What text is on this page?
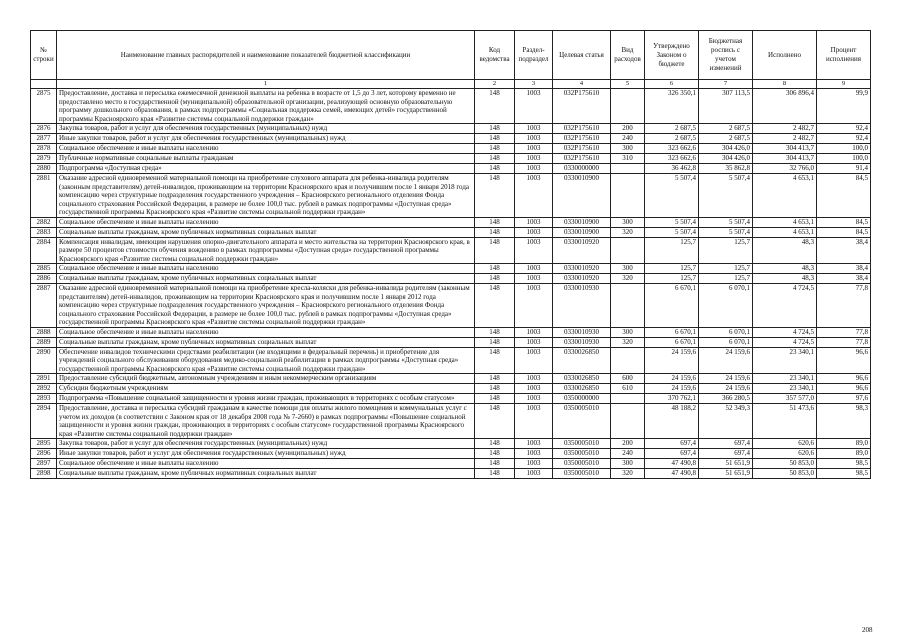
№ строки	Наименование главных распорядителей и наименование показателей бюджетной классификации	Код ведомства	Раздел-подраздел	Целевая статья	Вид расходов	Утверждено Законом о бюджете	Бюджетная роспись с учетом изменений	Исполнено	Процент исполнения
	1	2	3	4	5	6	7	8	9
2875	Предоставление, доставка и пересылка ежемесячной денежной выплаты на ребенка в возрасте от 1,5 до 3 лет, которому временно не предоставлено место в государственной (муниципальной) образовательной организации, реализующей основную образовательную программу дошкольного образования, в рамках подпрограммы «Социальная поддержка семей, имеющих детей» государственной программы Красноярского края «Развитие системы социальной поддержки граждан»	148	1003	032Р175610		326 350,1	307 113,5	306 896,4	99,9
2876	Закупка товаров, работ и услуг для обеспечения государственных (муниципальных) нужд	148	1003	032Р175610	200	2 687,5	2 687,5	2 482,7	92,4
2877	Иные закупки товаров, работ и услуг для обеспечения государственных (муниципальных) нужд	148	1003	032Р175610	240	2 687,5	2 687,5	2 482,7	92,4
2878	Социальное обеспечение и иные выплаты населению	148	1003	032Р175610	300	323 662,6	304 426,0	304 413,7	100,0
2879	Публичные нормативные социальные выплаты гражданам	148	1003	032Р175610	310	323 662,6	304 426,0	304 413,7	100,0
2880	Подпрограмма «Доступная среда»	148	1003	0330000000		36 462,8	35 862,8	32 766,0	91,4
2881	Оказание адресной единовременной материальной помощи на приобретение слухового аппарата для ребенка-инвалида родителям (законным представителям) детей-инвалидов, проживающим на территории Красноярского края и получившим после 1 января 2018 года компенсацию через структурные подразделения государственного учреждения – Красноярского регионального отделения Фонда социального страхования Российской Федерации, в размере не более 100,0 тыс. рублей в рамках подпрограммы «Доступная среда» государственной программы Красноярского края «Развитие системы социальной поддержки граждан»	148	1003	0330010900		5 507,4	5 507,4	4 653,1	84,5
2882	Социальное обеспечение и иные выплаты населению	148	1003	0330010900	300	5 507,4	5 507,4	4 653,1	84,5
2883	Социальные выплаты гражданам, кроме публичных нормативных социальных выплат	148	1003	0330010900	320	5 507,4	5 507,4	4 653,1	84,5
2884	Компенсация инвалидам, имеющим нарушения опорно-двигательного аппарата и место жительства на территории Красноярского края, в размере 50 процентов стоимости обучения вождению в рамках подпрограммы «Доступная среда» государственной программы Красноярского края «Развитие системы социальной поддержки граждан»	148	1003	0330010920		125,7	125,7	48,3	38,4
2885	Социальное обеспечение и иные выплаты населению	148	1003	0330010920	300	125,7	125,7	48,3	38,4
2886	Социальные выплаты гражданам, кроме публичных нормативных социальных выплат	148	1003	0330010920	320	125,7	125,7	48,3	38,4
2887	Оказание адресной единовременной материальной помощи на приобретение кресла-коляски для ребенка-инвалида родителям (законным представителям) детей-инвалидов, проживающим на территории Красноярского края и получившим после 1 января 2012 года компенсацию через структурные подразделения государственного учреждения – Красноярского регионального отделения Фонда социального страхования Российской Федерации, в размере не более 100,0 тыс. рублей в рамках подпрограммы «Доступная среда» государственной программы Красноярского края «Развитие системы социальной поддержки граждан»	148	1003	0330010930		6 670,1	6 070,1	4 724,5	77,8
2888	Социальное обеспечение и иные выплаты населению	148	1003	0330010930	300	6 670,1	6 070,1	4 724,5	77,8
2889	Социальные выплаты гражданам, кроме публичных нормативных социальных выплат	148	1003	0330010930	320	6 670,1	6 070,1	4 724,5	77,8
2890	Обеспечение инвалидов техническими средствами реабилитации (не входящими в федеральный перечень) и приобретение для учреждений социального обслуживания оборудования медико-социальной реабилитации в рамках подпрограммы «Доступная среда» государственной программы Красноярского края «Развитие системы социальной поддержки граждан»	148	1003	0330026850		24 159,6	24 159,6	23 340,1	96,6
2891	Предоставление субсидий бюджетным, автономным учреждениям и иным некоммерческим организациям	148	1003	0330026850	600	24 159,6	24 159,6	23 340,1	96,6
2892	Субсидии бюджетным учреждениям	148	1003	0330026850	610	24 159,6	24 159,6	23 340,1	96,6
2893	Подпрограмма «Повышение социальной защищенности и уровня жизни граждан, проживающих в территориях с особым статусом»	148	1003	0350000000		370 762,1	366 280,5	357 577,0	97,6
2894	Предоставление, доставка и пересылка субсидий гражданам в качестве помощи для оплаты жилого помещения и коммунальных услуг с учетом их доходов (в соответствии с Законом края от 18 декабря 2008 года № 7-2660) в рамках подпрограммы «Повышение социальной защищенности и уровня жизни граждан, проживающих в территориях с особым статусом» государственной программы Красноярского края «Развитие системы социальной поддержки граждан»	148	1003	0350005010		48 188,2	52 349,3	51 473,6	98,3
2895	Закупка товаров, работ и услуг для обеспечения государственных (муниципальных) нужд	148	1003	0350005010	200	697,4	697,4	620,6	89,0
2896	Иные закупки товаров, работ и услуг для обеспечения государственных (муниципальных) нужд	148	1003	0350005010	240	697,4	697,4	620,6	89,0
2897	Социальное обеспечение и иные выплаты населению	148	1003	0350005010	300	47 490,8	51 651,9	50 853,0	98,5
2898	Социальные выплаты гражданам, кроме публичных нормативных социальных выплат	148	1003	0350005010	320	47 490,8	51 651,9	50 853,0	98,5
208
